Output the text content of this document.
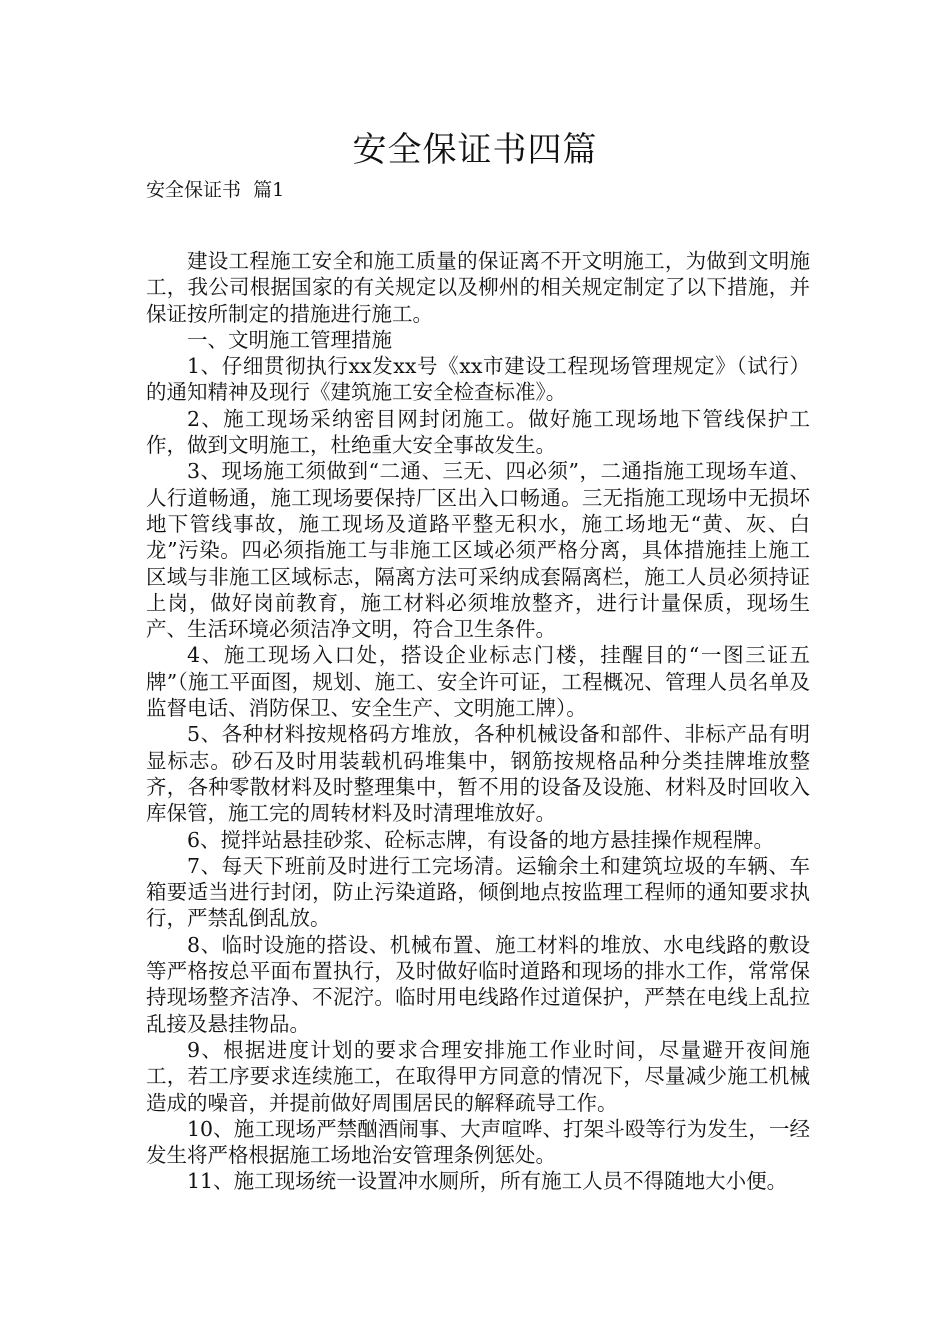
安全保证书四篇
安全保证书  篇1

建设工程施工安全和施工质量的保证离不开文明施工，为做到文明施工，我公司根据国家的有关规定以及柳州的相关规定制定了以下措施，并保证按所制定的措施进行施工。

一、文明施工管理措施

1、仔细贯彻执行xx发xx号《xx市建设工程现场管理规定》（试行）的通知精神及现行《建筑施工安全检查标准》。

2、施工现场采纳密目网封闭施工。做好施工现场地下管线保护工作，做到文明施工，杜绝重大安全事故发生。

3、现场施工须做到“二通、三无、四必须”，二通指施工现场车道、人行道畅通，施工现场要保持厂区出入口畅通。三无指施工现场中无损坏地下管线事故，施工现场及道路平整无积水，施工场地无“黄、灰、白龙”污染。四必须指施工与非施工区域必须严格分离，具体措施挂上施工区域与非施工区域标志，隔离方法可采纳成套隔离栏，施工人员必须持证上岗，做好岗前教育，施工材料必须堆放整齐，进行计量保质，现场生产、生活环境必须洁净文明，符合卫生条件。

4、施工现场入口处，搭设企业标志门楼，挂醒目的“一图三证五牌”（施工平面图，规划、施工、安全许可证，工程概况、管理人员名单及监督电话、消防保卫、安全生产、文明施工牌）。

5、各种材料按规格码方堆放，各种机械设备和部件、非标产品有明显标志。砂石及时用装载机码堆集中，钢筋按规格品种分类挂牌堆放整齐，各种零散材料及时整理集中，暂不用的设备及设施、材料及时回收入库保管，施工完的周转材料及时清理堆放好。

6、搅拌站悬挂砂浆、砼标志牌，有设备的地方悬挂操作规程牌。

7、每天下班前及时进行工完场清。运输余土和建筑垃圾的车辆、车箱要适当进行封闭，防止污染道路，倾倒地点按监理工程师的通知要求执行，严禁乱倒乱放。

8、临时设施的搭设、机械布置、施工材料的堆放、水电线路的敷设等严格按总平面布置执行，及时做好临时道路和现场的排水工作，常常保持现场整齐洁净、不泥泞。临时用电线路作过道保护，严禁在电线上乱拉乱接及悬挂物品。

9、根据进度计划的要求合理安排施工作业时间，尽量避开夜间施工，若工序要求连续施工，在取得甲方同意的情况下，尽量减少施工机械造成的噪音，并提前做好周围居民的解释疏导工作。

10、施工现场严禁酗酒闹事、大声喧哗、打架斗殴等行为发生，一经发生将严格根据施工场地治安管理条例惩处。

11、施工现场统一设置冲水厕所，所有施工人员不得随地大小便。
